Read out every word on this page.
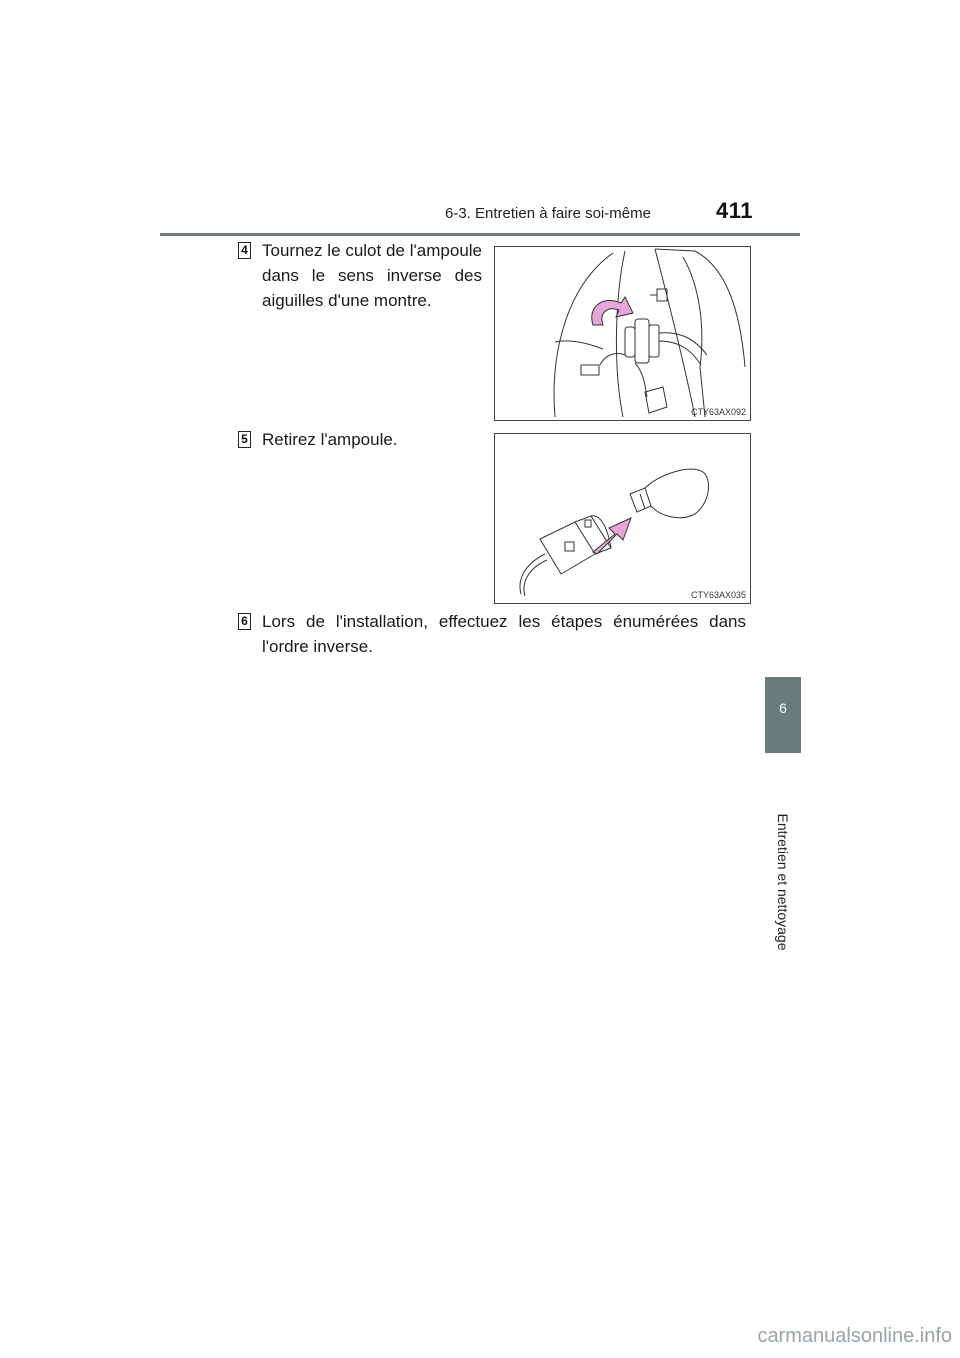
6-3. Entretien à faire soi-même	411
6
Entretien et nettoyage
4 Tournez le culot de l'ampoule
dans le sens inverse des
aiguilles d'une montre.
CTY63AX092
5 Retirez l'ampoule.
CTY63AX035
6 Lors de l'installation, effectuez les étapes énumérées dans
l'ordre inverse.
carmanualsonline.info
